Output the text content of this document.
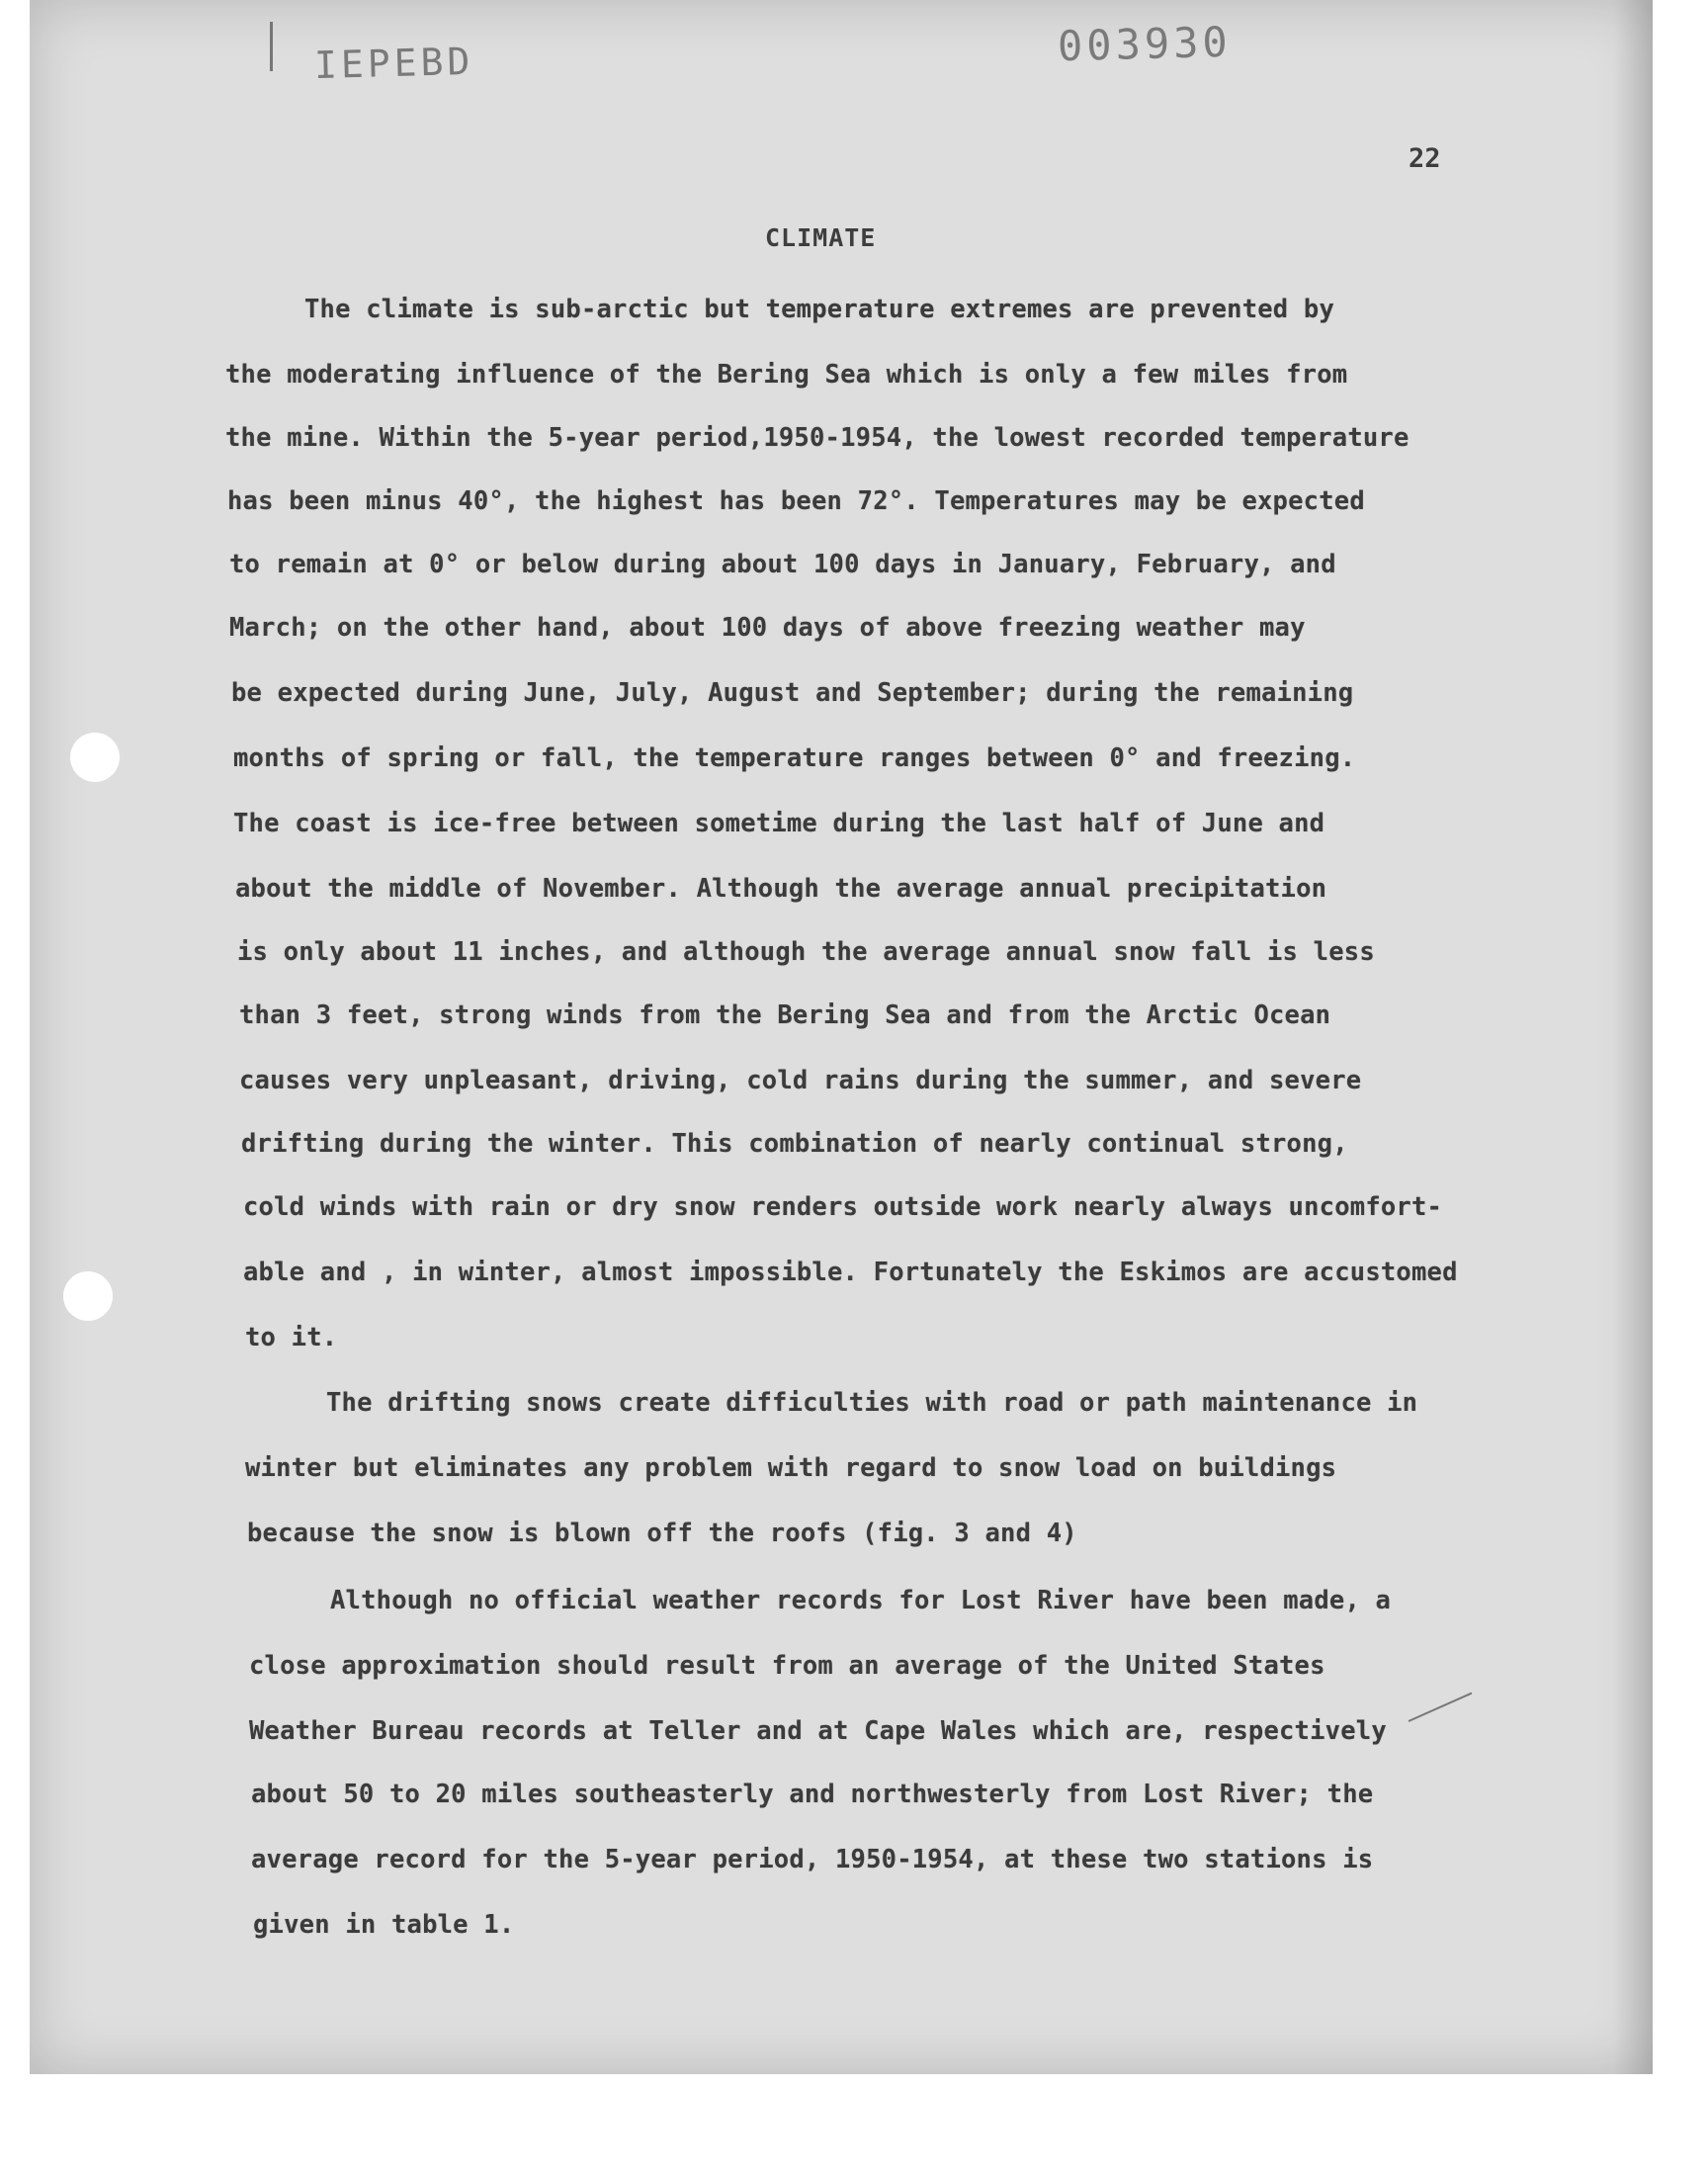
IEPEBD	003930
22
CLIMATE
The climate is sub-arctic but temperature extremes are prevented by
the moderating influence of the Bering Sea which is only a few miles from
the mine. Within the 5-year period,1950-1954, the lowest recorded temperature
has been minus 40°, the highest has been 72°. Temperatures may be expected
to remain at 0° or below during about 100 days in January, February, and
March; on the other hand, about 100 days of above freezing weather may
be expected during June, July, August and September; during the remaining
months of spring or fall, the temperature ranges between 0° and freezing.
The coast is ice-free between sometime during the last half of June and
about the middle of November. Although the average annual precipitation
is only about 11 inches, and although the average annual snow fall is less
than 3 feet, strong winds from the Bering Sea and from the Arctic Ocean
causes very unpleasant, driving, cold rains during the summer, and severe
drifting during the winter. This combination of nearly continual strong,
cold winds with rain or dry snow renders outside work nearly always uncomfort-
able and , in winter, almost impossible. Fortunately the Eskimos are accustomed
to it.
The drifting snows create difficulties with road or path maintenance in
winter but eliminates any problem with regard to snow load on buildings
because the snow is blown off the roofs (fig. 3 and 4)
Although no official weather records for Lost River have been made, a
close approximation should result from an average of the United States
Weather Bureau records at Teller and at Cape Wales which are, respectively
about 50 to 20 miles southeasterly and northwesterly from Lost River; the
average record for the 5-year period, 1950-1954, at these two stations is
given in table 1.
